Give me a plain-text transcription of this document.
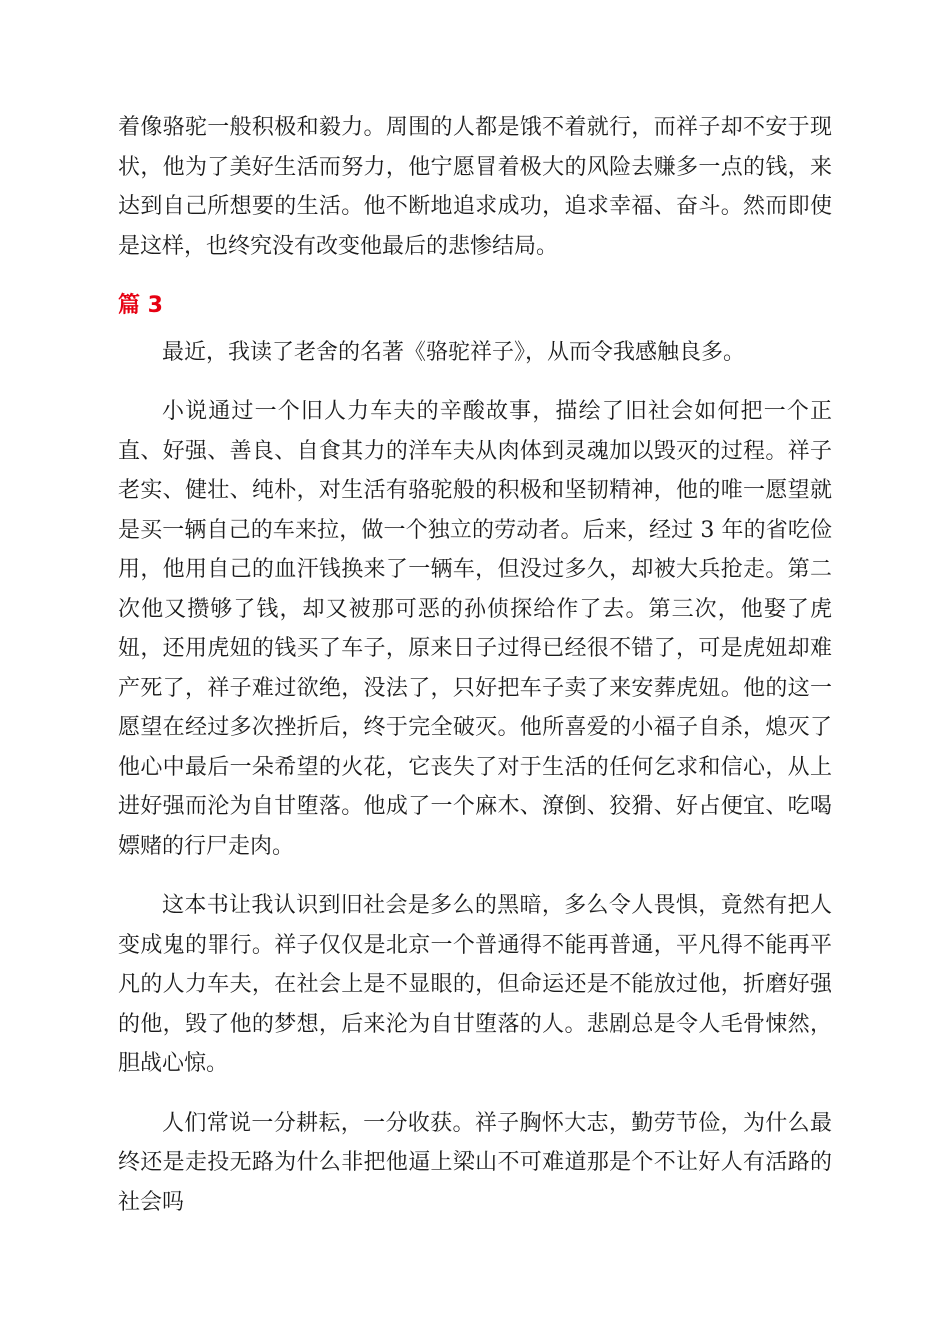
着像骆驼一般积极和毅力。周围的人都是饿不着就行，而祥子却不安于现状，他为了美好生活而努力，他宁愿冒着极大的风险去赚多一点的钱，来达到自己所想要的生活。他不断地追求成功，追求幸福、奋斗。然而即使是这样，也终究没有改变他最后的悲惨结局。

篇 3

最近，我读了老舍的名著《骆驼祥子》，从而令我感触良多。

小说通过一个旧人力车夫的辛酸故事，描绘了旧社会如何把一个正直、好强、善良、自食其力的洋车夫从肉体到灵魂加以毁灭的过程。祥子老实、健壮、纯朴，对生活有骆驼般的积极和坚韧精神，他的唯一愿望就是买一辆自己的车来拉，做一个独立的劳动者。后来，经过 3 年的省吃俭用，他用自己的血汗钱换来了一辆车，但没过多久，却被大兵抢走。第二次他又攒够了钱，却又被那可恶的孙侦探给作了去。第三次，他娶了虎妞，还用虎妞的钱买了车子，原来日子过得已经很不错了，可是虎妞却难产死了，祥子难过欲绝，没法了，只好把车子卖了来安葬虎妞。他的这一愿望在经过多次挫折后，终于完全破灭。他所喜爱的小福子自杀，熄灭了他心中最后一朵希望的火花，它丧失了对于生活的任何乞求和信心，从上进好强而沦为自甘堕落。他成了一个麻木、潦倒、狡猾、好占便宜、吃喝嫖赌的行尸走肉。

这本书让我认识到旧社会是多么的黑暗，多么令人畏惧，竟然有把人变成鬼的罪行。祥子仅仅是北京一个普通得不能再普通，平凡得不能再平凡的人力车夫，在社会上是不显眼的，但命运还是不能放过他，折磨好强的他，毁了他的梦想，后来沦为自甘堕落的人。悲剧总是令人毛骨悚然，胆战心惊。

人们常说一分耕耘，一分收获。祥子胸怀大志，勤劳节俭，为什么最终还是走投无路为什么非把他逼上梁山不可难道那是个不让好人有活路的社会吗
